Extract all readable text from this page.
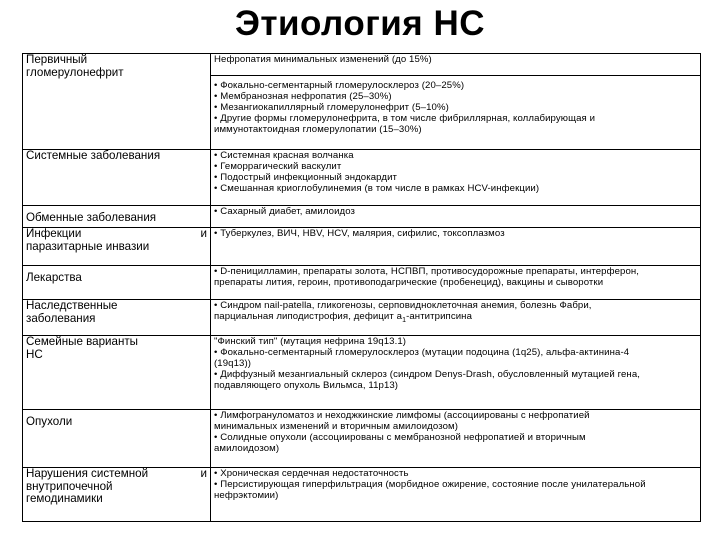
Этиология НС
Первичный
гломерулонефрит	Нефропатия минимальных изменений (до 15%)

	• Фокально-сегментарный гломерулосклероз (20–25%)
• Мембранозная нефропатия (25–30%)
• Мезангиокапиллярный гломерулонефрит (5–10%)
• Другие формы гломерулонефрита, в том числе фибриллярная, коллабирующая и
иммунотактоидная гломерулопатии (15–30%)

Системные заболевания	• Системная красная волчанка
• Геморрагический васкулит
• Подострый инфекционный эндокардит
• Смешанная криоглобулинемия (в том числе в рамках HCV-инфекции)

Обменные заболевания	• Сахарный диабет, амилоидоз

Инфекции и
паразитарные инвазии	• Туберкулез, ВИЧ, HBV, HCV, малярия, сифилис, токсоплазмоз

Лекарства	• D-пеницилламин, препараты золота, НСПВП, противосудорожные препараты, интерферон,
препараты лития, героин, противоподагрические (пробенецид), вакцины и сыворотки

Наследственные
заболевания	• Синдром nail-patella, гликогенозы, серповидноклеточная анемия, болезнь Фабри,
парциальная липодистрофия, дефицит $a_1$-антитрипсина

Семейные варианты
НС	"Финский тип" (мутация нефрина 19q13.1)
• Фокально-сегментарный гломерулосклероз (мутации подоцина (1q25), альфа-актинина-4
(19q13))
• Диффузный мезангиальный склероз (синдром Denys-Drash, обусловленный мутацией гена,
подавляющего опухоль Вильмса, 11p13)

Опухоли	• Лимфогрануломатоз и неходжкинские лимфомы (ассоциированы с нефропатией
минимальных изменений и вторичным амилоидозом)
• Солидные опухоли (ассоциированы с мембранозной нефропатией и вторичным
амилоидозом)

Нарушения системной и
внутрипочечной
гемодинамики	• Хроническая сердечная недостаточность
• Персистирующая гиперфильтрация (морбидное ожирение, состояние после унилатеральной
нефрэктомии)
